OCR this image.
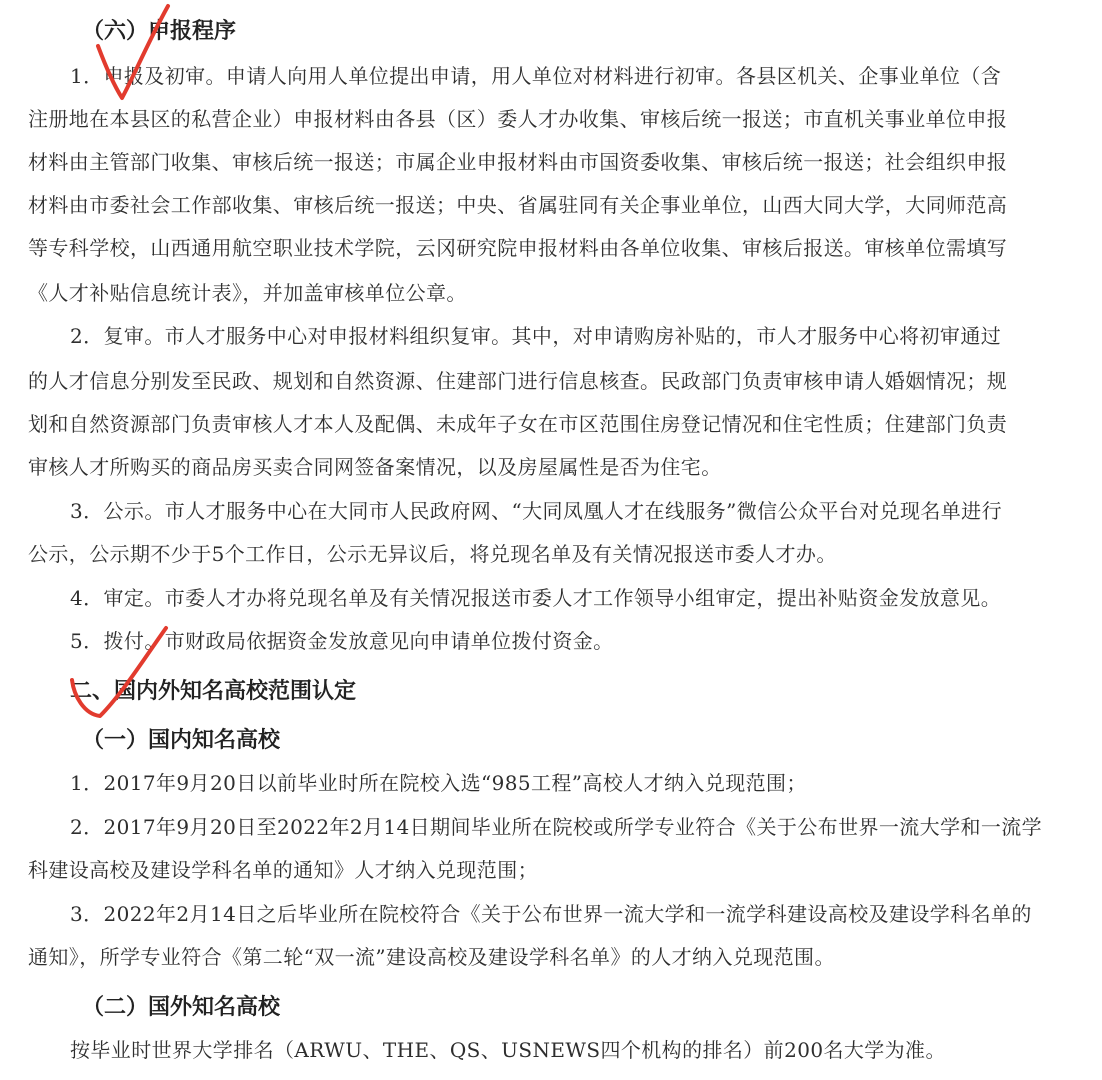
（六）申报程序
1．申报及初审。申请人向用人单位提出申请，用人单位对材料进行初审。各县区机关、企事业单位（含
注册地在本县区的私营企业）申报材料由各县（区）委人才办收集、审核后统一报送；市直机关事业单位申报
材料由主管部门收集、审核后统一报送；市属企业申报材料由市国资委收集、审核后统一报送；社会组织申报
材料由市委社会工作部收集、审核后统一报送；中央、省属驻同有关企事业单位，山西大同大学，大同师范高
等专科学校，山西通用航空职业技术学院，云冈研究院申报材料由各单位收集、审核后报送。审核单位需填写
《人才补贴信息统计表》，并加盖审核单位公章。
2．复审。市人才服务中心对申报材料组织复审。其中，对申请购房补贴的，市人才服务中心将初审通过
的人才信息分别发至民政、规划和自然资源、住建部门进行信息核查。民政部门负责审核申请人婚姻情况；规
划和自然资源部门负责审核人才本人及配偶、未成年子女在市区范围住房登记情况和住宅性质；住建部门负责
审核人才所购买的商品房买卖合同网签备案情况，以及房屋属性是否为住宅。
3．公示。市人才服务中心在大同市人民政府网、“大同凤凰人才在线服务”微信公众平台对兑现名单进行
公示，公示期不少于5个工作日，公示无异议后，将兑现名单及有关情况报送市委人才办。
4．审定。市委人才办将兑现名单及有关情况报送市委人才工作领导小组审定，提出补贴资金发放意见。
5．拨付。市财政局依据资金发放意见向申请单位拨付资金。
二、国内外知名高校范围认定
（一）国内知名高校
1．2017年9月20日以前毕业时所在院校入选“985工程”高校人才纳入兑现范围；
2．2017年9月20日至2022年2月14日期间毕业所在院校或所学专业符合《关于公布世界一流大学和一流学
科建设高校及建设学科名单的通知》人才纳入兑现范围；
3．2022年2月14日之后毕业所在院校符合《关于公布世界一流大学和一流学科建设高校及建设学科名单的
通知》，所学专业符合《第二轮“双一流”建设高校及建设学科名单》的人才纳入兑现范围。
（二）国外知名高校
按毕业时世界大学排名（ARWU、THE、QS、USNEWS四个机构的排名）前200名大学为准。
